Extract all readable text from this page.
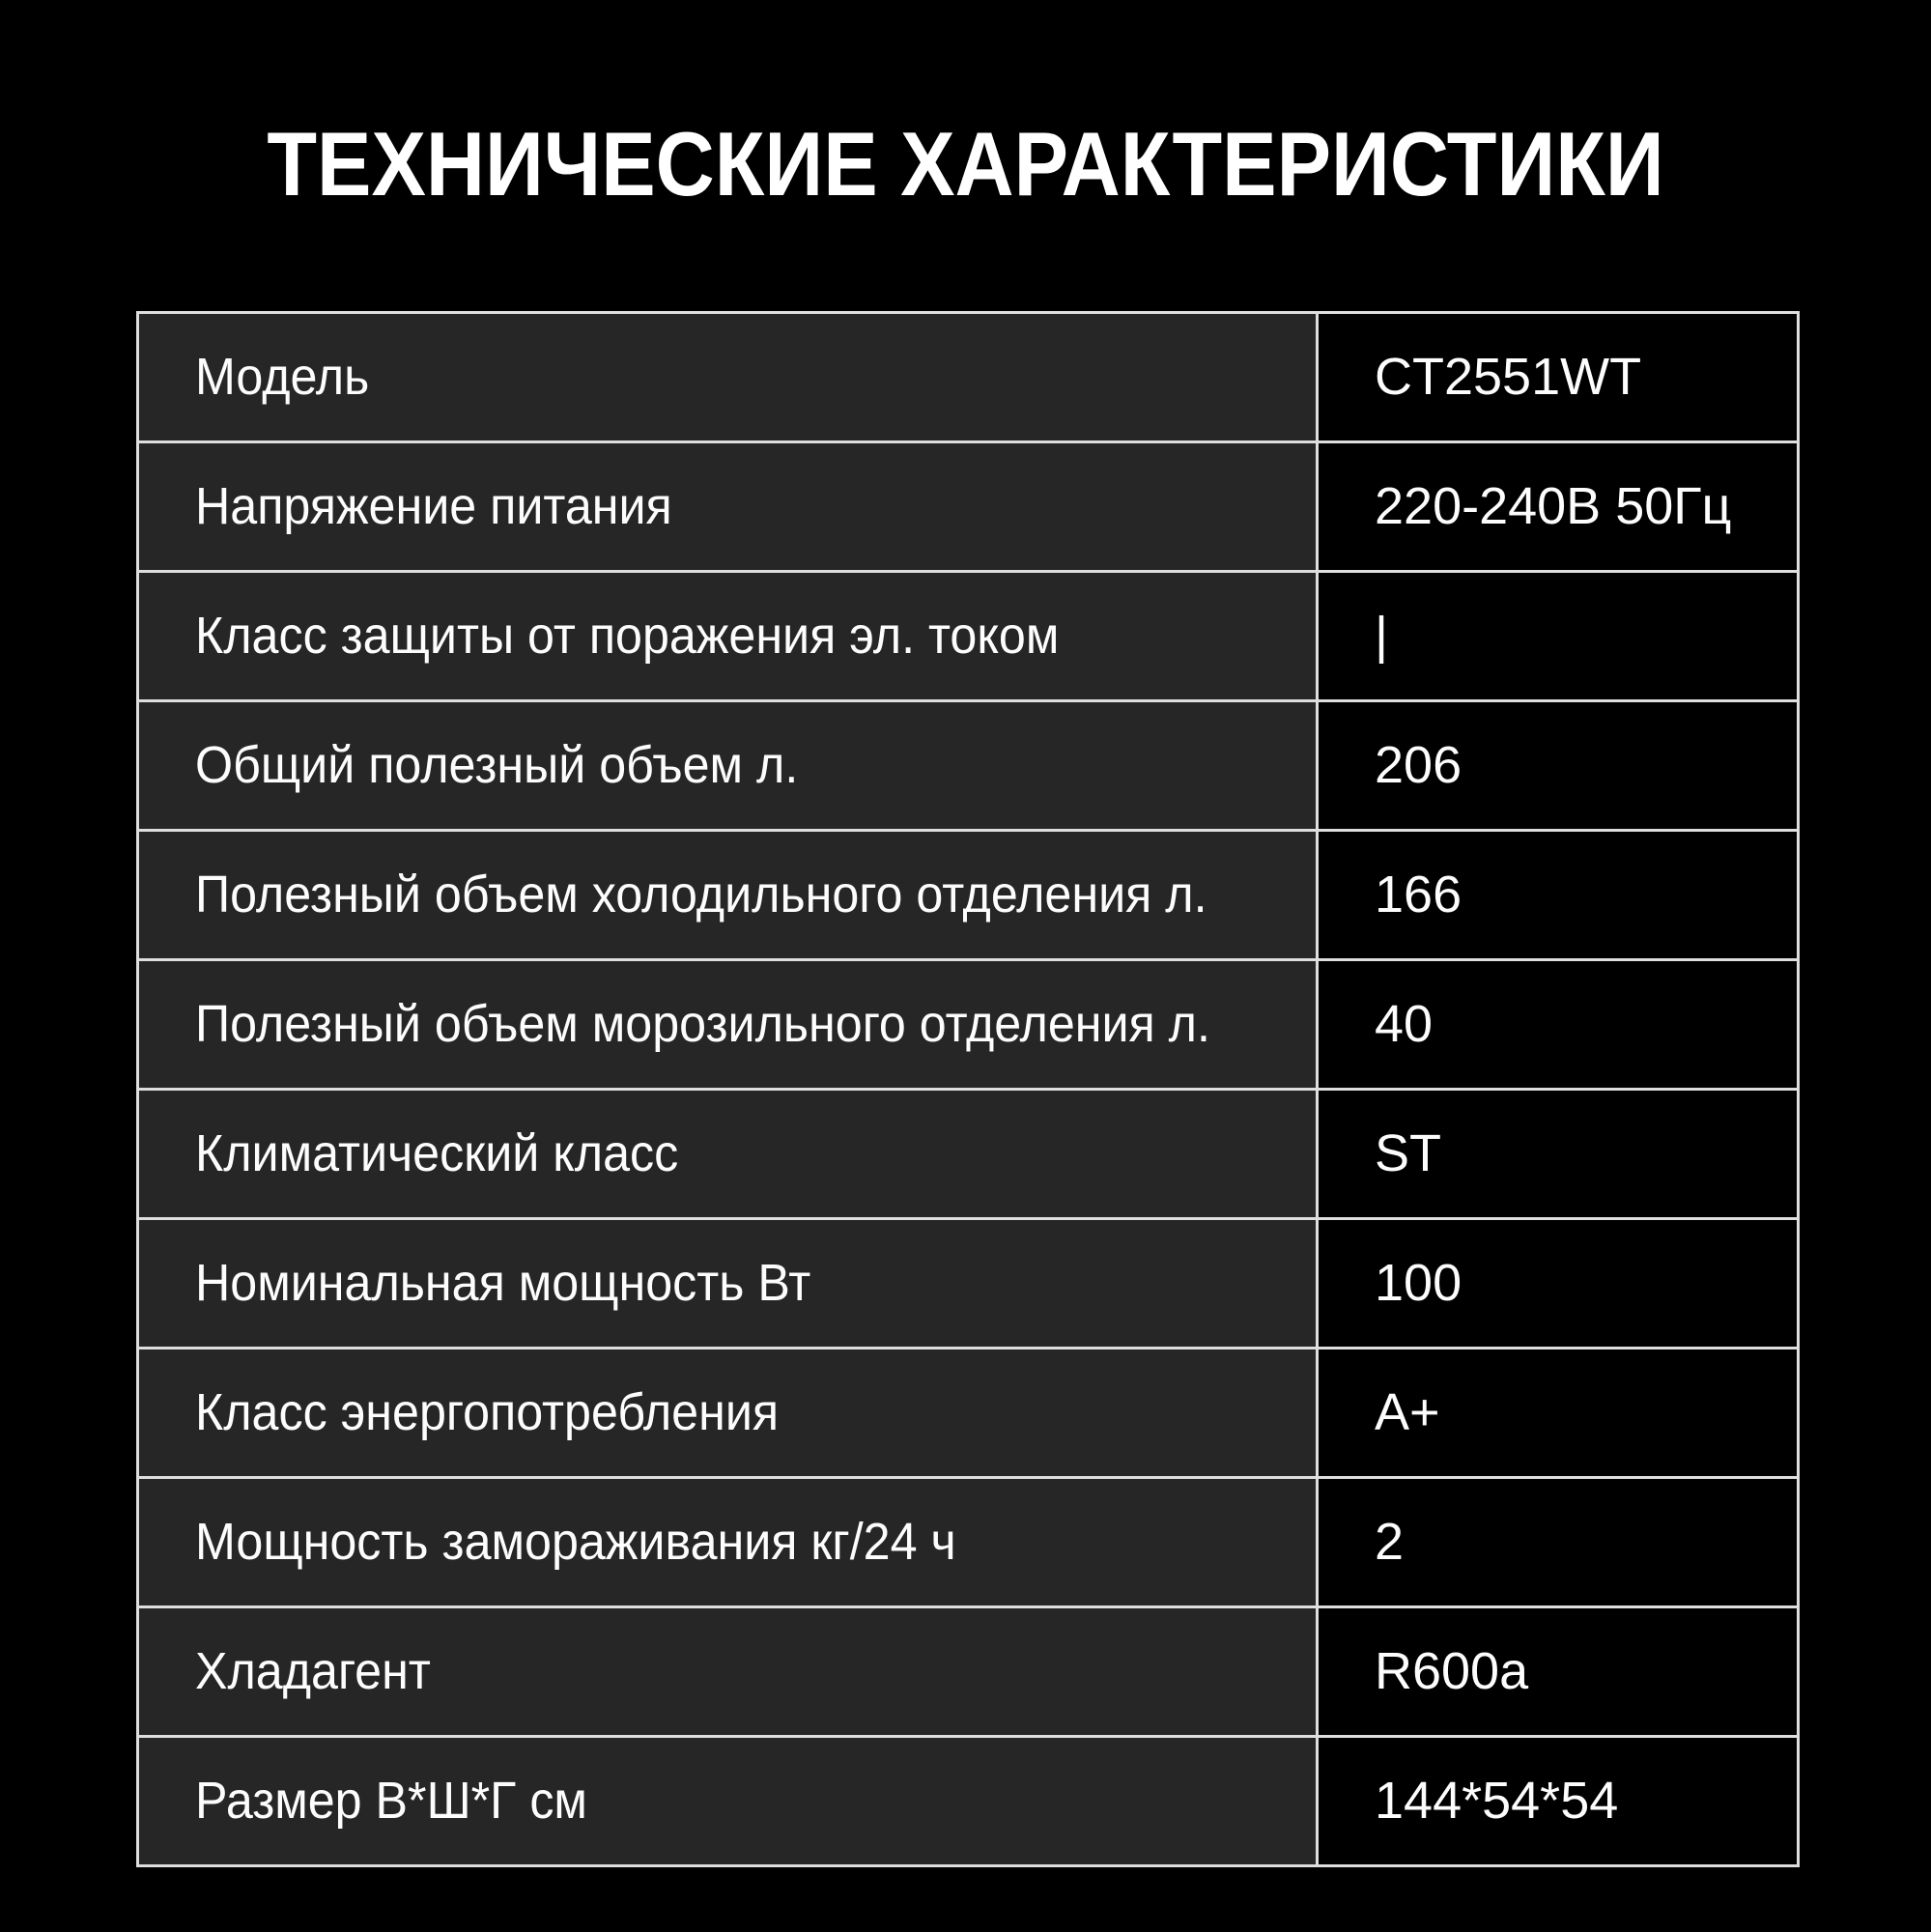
ТЕХНИЧЕСКИЕ ХАРАКТЕРИСТИКИ
Модель	CT2551WT
Напряжение питания	220-240В 50Гц
Класс защиты от поражения эл. током	|
Общий полезный объем л.	206
Полезный объем холодильного отделения л.	166
Полезный объем морозильного отделения л.	40
Климатический класс	ST
Номинальная мощность Вт	100
Класс энергопотребления	A+
Мощность замораживания кг/24 ч	2
Хладагент	R600a
Размер В*Ш*Г см	144*54*54
